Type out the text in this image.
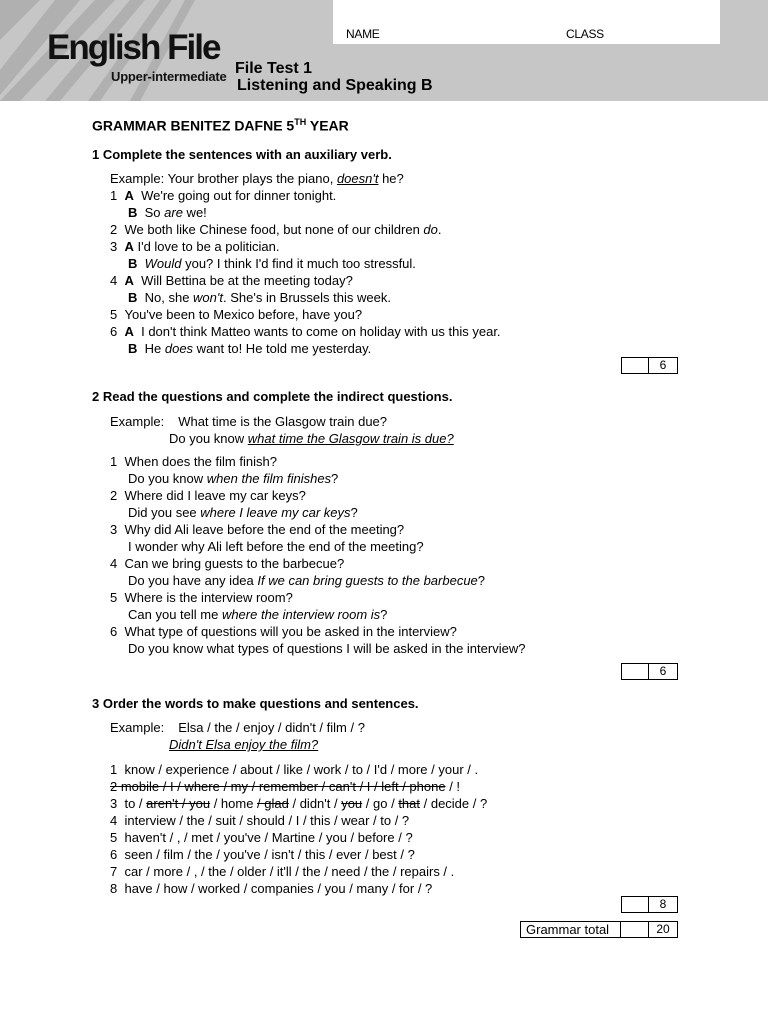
English File
Upper-intermediate
NAME	CLASS
File Test 1
Listening and Speaking B
GRAMMAR BENITEZ DAFNE 5TH YEAR
1 Complete the sentences with an auxiliary verb.
Example: Your brother plays the piano, doesn't he?
1  A We're going out for dinner tonight.
B  So are we!
2  We both like Chinese food, but none of our children do.
3  A I'd love to be a politician.
B Would you? I think I'd find it much too stressful.
4  A Will Bettina be at the meeting today?
B No, she won't. She's in Brussels this week.
5  You've been to Mexico before, have you?
6  A I don't think Matteo wants to come on holiday with us this year.
B He does want to! He told me yesterday.
6
2 Read the questions and complete the indirect questions.
Example: What time is the Glasgow train due?
Do you know what time the Glasgow train is due?
1  When does the film finish?
Do you know when the film finishes?
2  Where did I leave my car keys?
Did you see where I leave my car keys?
3  Why did Ali leave before the end of the meeting?
I wonder why Ali left before the end of the meeting?
4  Can we bring guests to the barbecue?
Do you have any idea If we can bring guests to the barbecue?
5  Where is the interview room?
Can you tell me where the interview room is?
6  What type of questions will you be asked in the interview?
Do you know what types of questions I will be asked in the interview?
6
3 Order the words to make questions and sentences.
Example: Elsa / the / enjoy / didn't / film / ?
Didn't Elsa enjoy the film?
1  know / experience / about / like / work / to / I'd / more / your / .
2 mobile / I / where / my / remember / can't / I / left / phone / !
3  to / aren't / you / home / glad / didn't / you / go / that / decide / ?
4  interview / the / suit / should / I / this / wear / to / ?
5  haven't / , / met / you've / Martine / you / before / ?
6  seen / film / the / you've / isn't / this / ever / best / ?
7  car / more / , / the / older / it'll / the / need / the / repairs / .
8  have / how / worked / companies / you / many / for / ?
8
Grammar total	20
